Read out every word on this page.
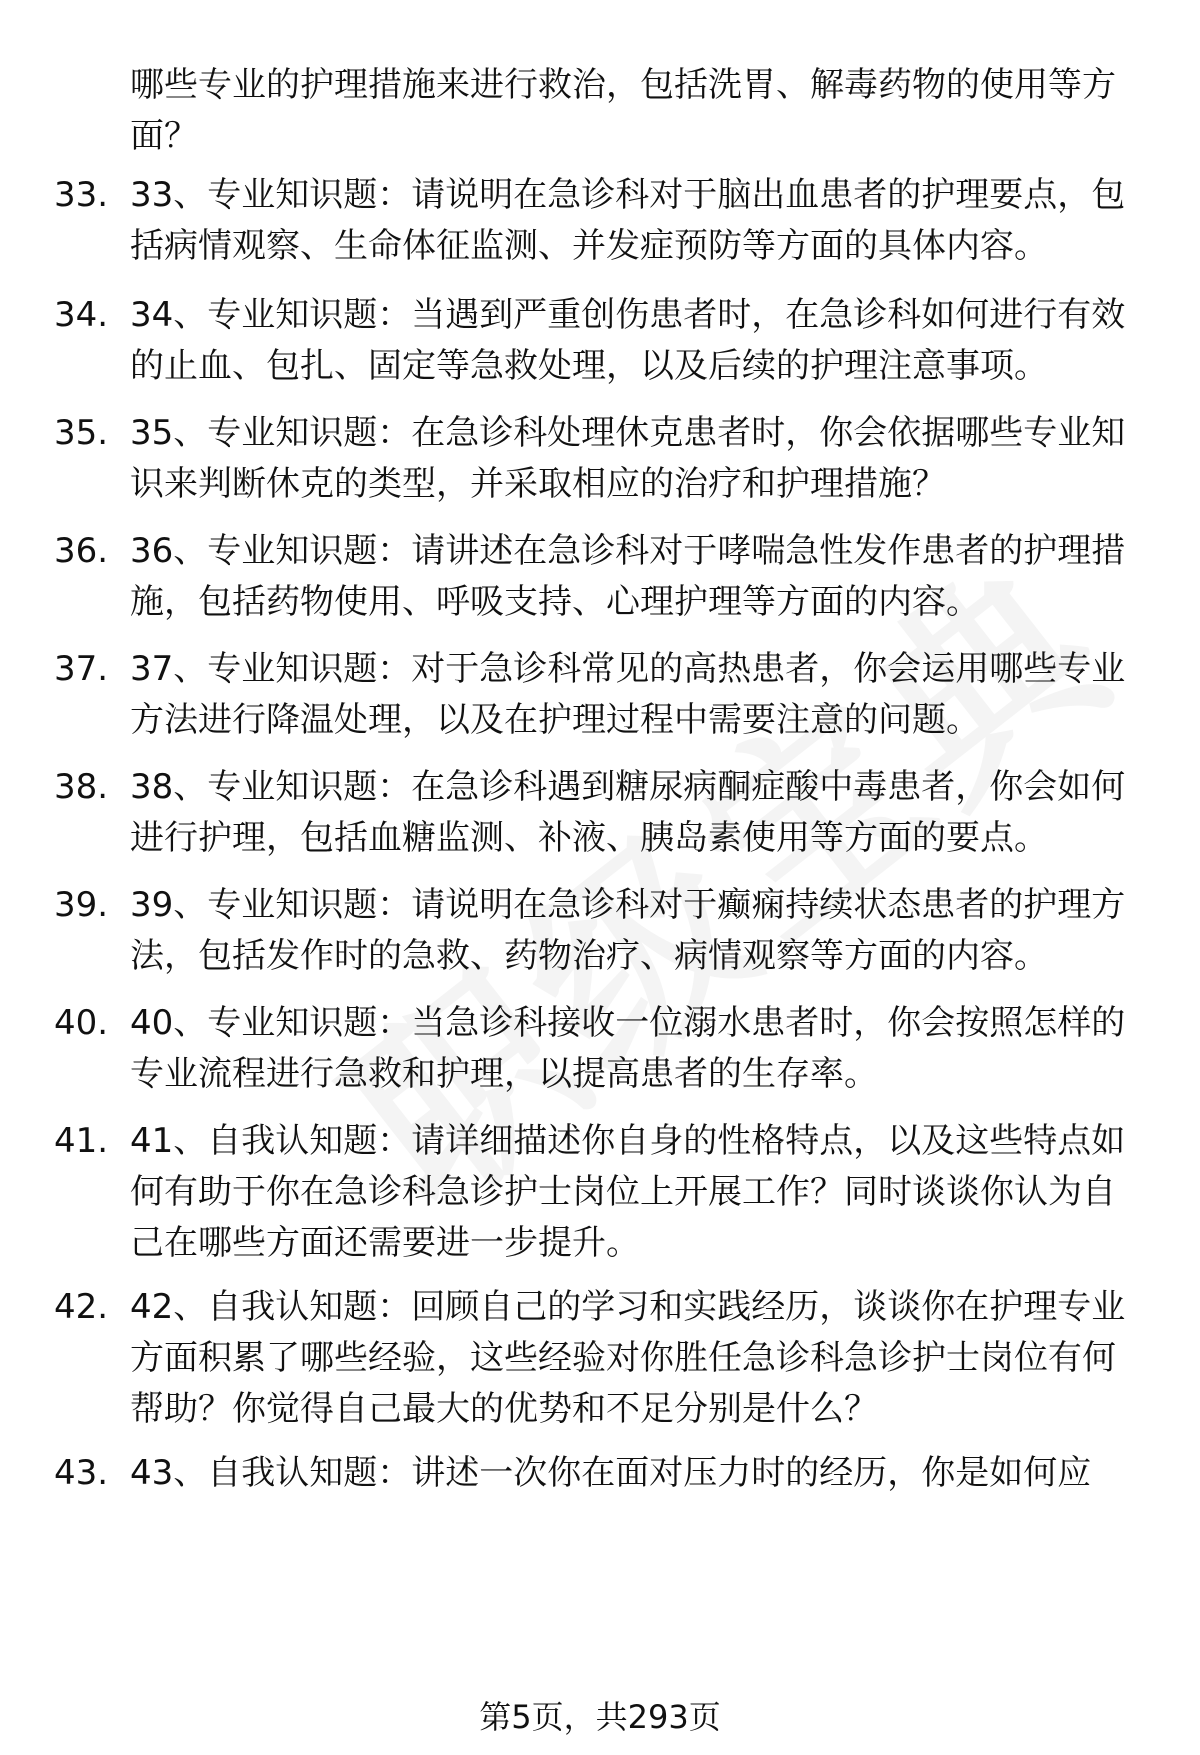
哪些专业的护理措施来进行救治，包括洗胃、解毒药物的使用等方面？
33. 33、专业知识题：请说明在急诊科对于脑出血患者的护理要点，包括病情观察、生命体征监测、并发症预防等方面的具体内容。
34. 34、专业知识题：当遇到严重创伤患者时，在急诊科如何进行有效的止血、包扎、固定等急救处理，以及后续的护理注意事项。
35. 35、专业知识题：在急诊科处理休克患者时，你会依据哪些专业知识来判断休克的类型，并采取相应的治疗和护理措施？
36. 36、专业知识题：请讲述在急诊科对于哮喘急性发作患者的护理措施，包括药物使用、呼吸支持、心理护理等方面的内容。
37. 37、专业知识题：对于急诊科常见的高热患者，你会运用哪些专业方法进行降温处理，以及在护理过程中需要注意的问题。
38. 38、专业知识题：在急诊科遇到糖尿病酮症酸中毒患者，你会如何进行护理，包括血糖监测、补液、胰岛素使用等方面的要点。
39. 39、专业知识题：请说明在急诊科对于癫痫持续状态患者的护理方法，包括发作时的急救、药物治疗、病情观察等方面的内容。
40. 40、专业知识题：当急诊科接收一位溺水患者时，你会按照怎样的专业流程进行急救和护理，以提高患者的生存率。
41. 41、自我认知题：请详细描述你自身的性格特点，以及这些特点如何有助于你在急诊科急诊护士岗位上开展工作？同时谈谈你认为自己在哪些方面还需要进一步提升。
42. 42、自我认知题：回顾自己的学习和实践经历，谈谈你在护理专业方面积累了哪些经验，这些经验对你胜任急诊科急诊护士岗位有何帮助？你觉得自己最大的优势和不足分别是什么？
43. 43、自我认知题：讲述一次你在面对压力时的经历，你是如何应
第5页，共293页
